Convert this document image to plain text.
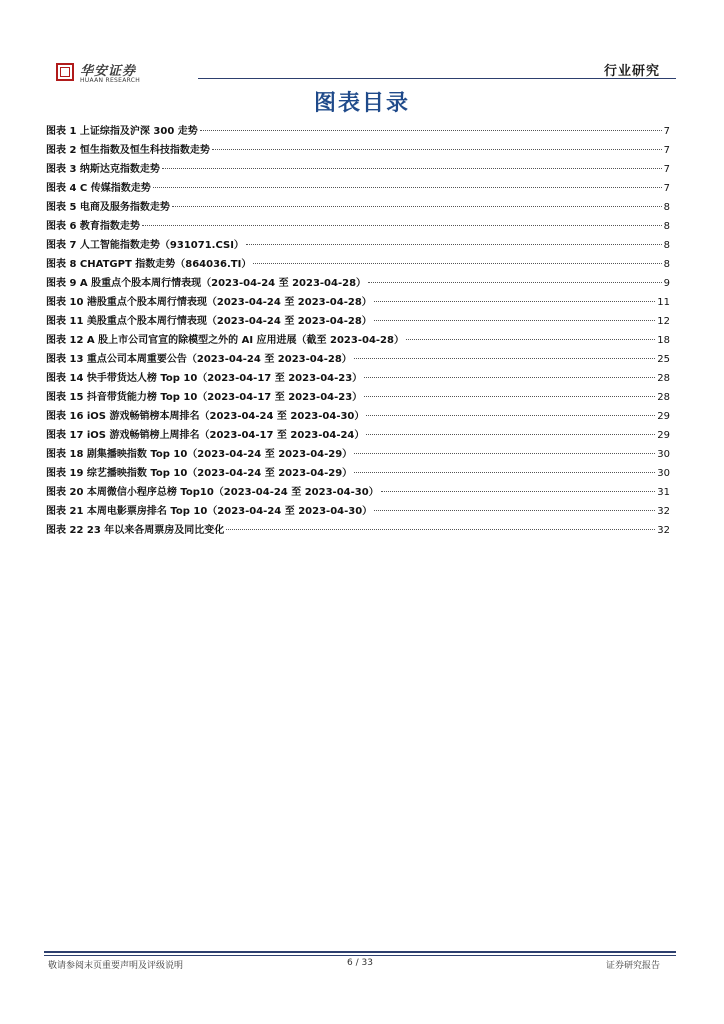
华安证券
HUAAN RESEARCH
行业研究
图表目录
图表 1 上证综指及沪深 300 走势	7
图表 2 恒生指数及恒生科技指数走势	7
图表 3 纳斯达克指数走势	7
图表 4 C 传媒指数走势	7
图表 5 电商及服务指数走势	8
图表 6 教育指数走势	8
图表 7 人工智能指数走势（931071.CSI）	8
图表 8 CHATGPT 指数走势（864036.TI）	8
图表 9 A 股重点个股本周行情表现（2023-04-24 至 2023-04-28）	9
图表 10 港股重点个股本周行情表现（2023-04-24 至 2023-04-28）	11
图表 11 美股重点个股本周行情表现（2023-04-24 至 2023-04-28）	12
图表 12 A 股上市公司官宣的除模型之外的 AI 应用进展（截至 2023-04-28）	18
图表 13 重点公司本周重要公告（2023-04-24 至 2023-04-28）	25
图表 14 快手带货达人榜 Top 10（2023-04-17 至 2023-04-23）	28
图表 15 抖音带货能力榜 Top 10（2023-04-17 至 2023-04-23）	28
图表 16 iOS 游戏畅销榜本周排名（2023-04-24 至 2023-04-30）	29
图表 17 iOS 游戏畅销榜上周排名（2023-04-17 至 2023-04-24）	29
图表 18 剧集播映指数 Top 10（2023-04-24 至 2023-04-29）	30
图表 19 综艺播映指数 Top 10（2023-04-24 至 2023-04-29）	30
图表 20 本周微信小程序总榜 Top10（2023-04-24 至 2023-04-30）	31
图表 21 本周电影票房排名 Top 10（2023-04-24 至 2023-04-30）	32
图表 22 23 年以来各周票房及同比变化	32
敬请参阅末页重要声明及评级说明	6 / 33	证券研究报告
